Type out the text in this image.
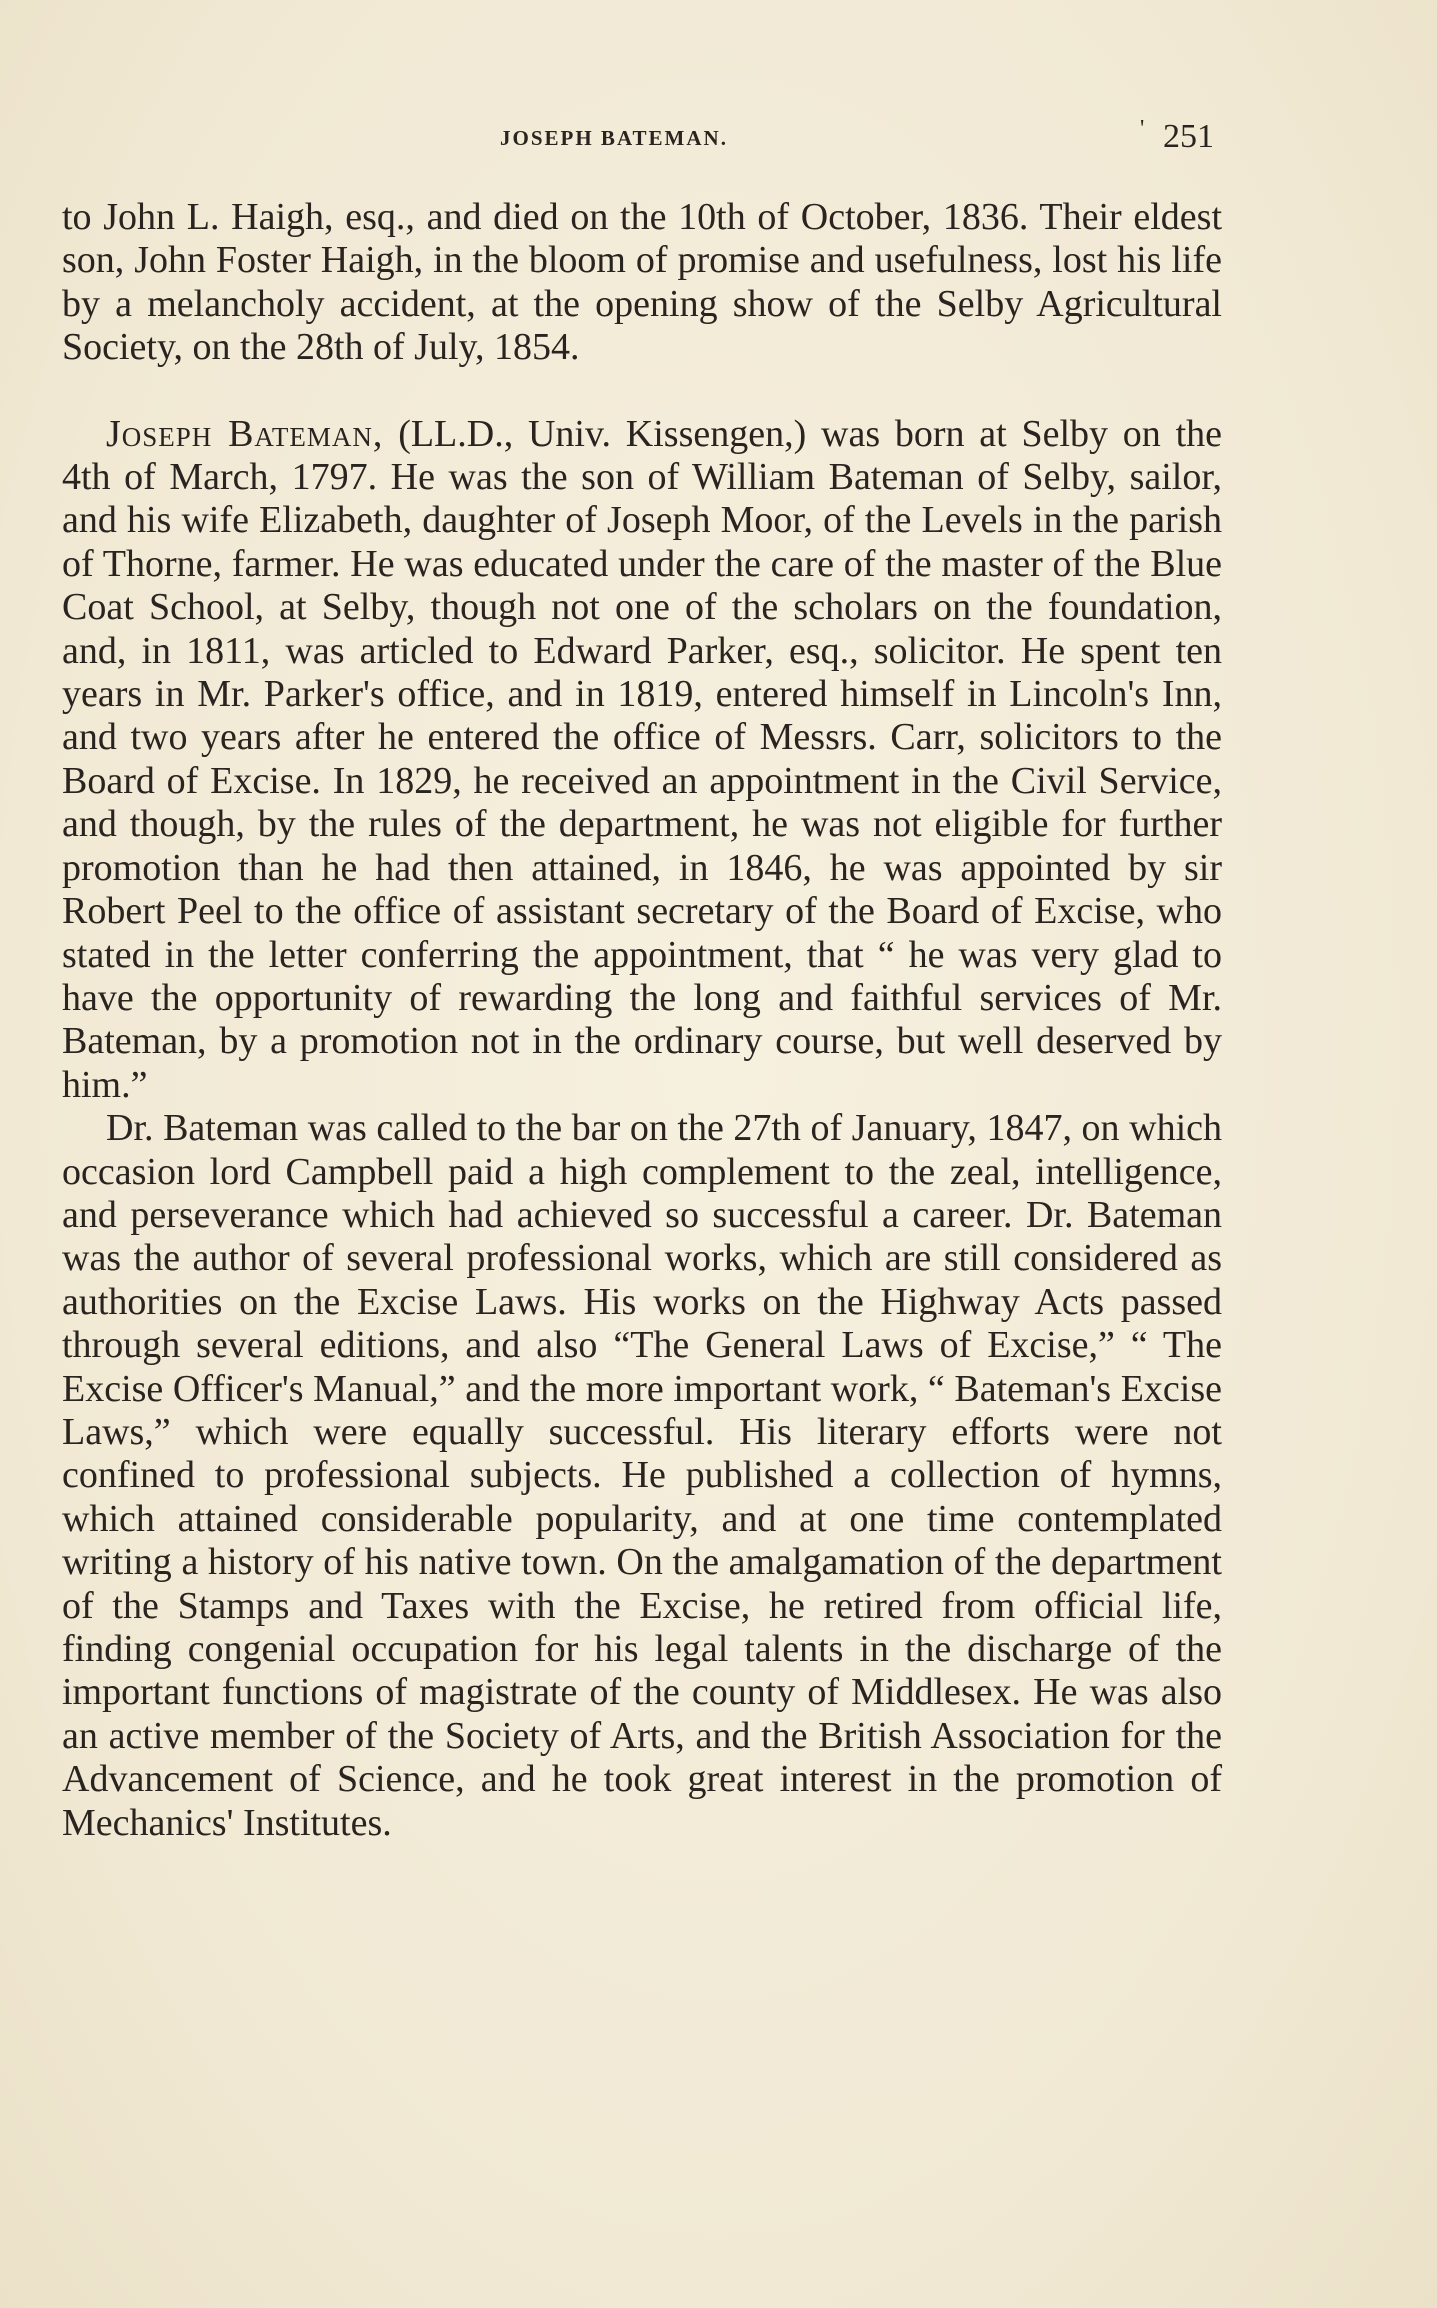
JOSEPH BATEMAN.	' 251

to John L. Haigh, esq., and died on the 10th of October, 1836. Their eldest son, John Foster Haigh, in the bloom of promise and usefulness, lost his life by a melancholy accident, at the opening show of the Selby Agricultural Society, on the 28th of July, 1854.

Joseph Bateman, (LL.D., Univ. Kissengen,) was born at Selby on the 4th of March, 1797. He was the son of William Bateman of Selby, sailor, and his wife Elizabeth, daughter of Joseph Moor, of the Levels in the parish of Thorne, farmer. He was educated under the care of the master of the Blue Coat School, at Selby, though not one of the scholars on the foundation, and, in 1811, was articled to Edward Parker, esq., solicitor. He spent ten years in Mr. Parker's office, and in 1819, entered himself in Lincoln's Inn, and two years after he entered the office of Messrs. Carr, solicitors to the Board of Excise. In 1829, he received an appointment in the Civil Service, and though, by the rules of the department, he was not eligible for further promotion than he had then attained, in 1846, he was appointed by sir Robert Peel to the office of assistant secretary of the Board of Excise, who stated in the letter conferring the appointment, that “ he was very glad to have the opportunity of rewarding the long and faithful services of Mr. Bateman, by a promotion not in the ordinary course, but well deserved by him.”

Dr. Bateman was called to the bar on the 27th of January, 1847, on which occasion lord Campbell paid a high complement to the zeal, intelligence, and perseverance which had achieved so successful a career. Dr. Bateman was the author of several professional works, which are still considered as authorities on the Excise Laws. His works on the Highway Acts passed through several editions, and also “The General Laws of Excise,” “ The Excise Officer's Manual,” and the more important work, “ Bateman's Excise Laws,” which were equally successful. His literary efforts were not confined to professional subjects. He published a collection of hymns, which attained considerable popularity, and at one time contemplated writing a history of his native town. On the amalgamation of the department of the Stamps and Taxes with the Excise, he retired from official life, finding congenial occupation for his legal talents in the discharge of the important functions of magistrate of the county of Middlesex. He was also an active member of the Society of Arts, and the British Association for the Advancement of Science, and he took great interest in the promotion of Mechanics' Institutes.
